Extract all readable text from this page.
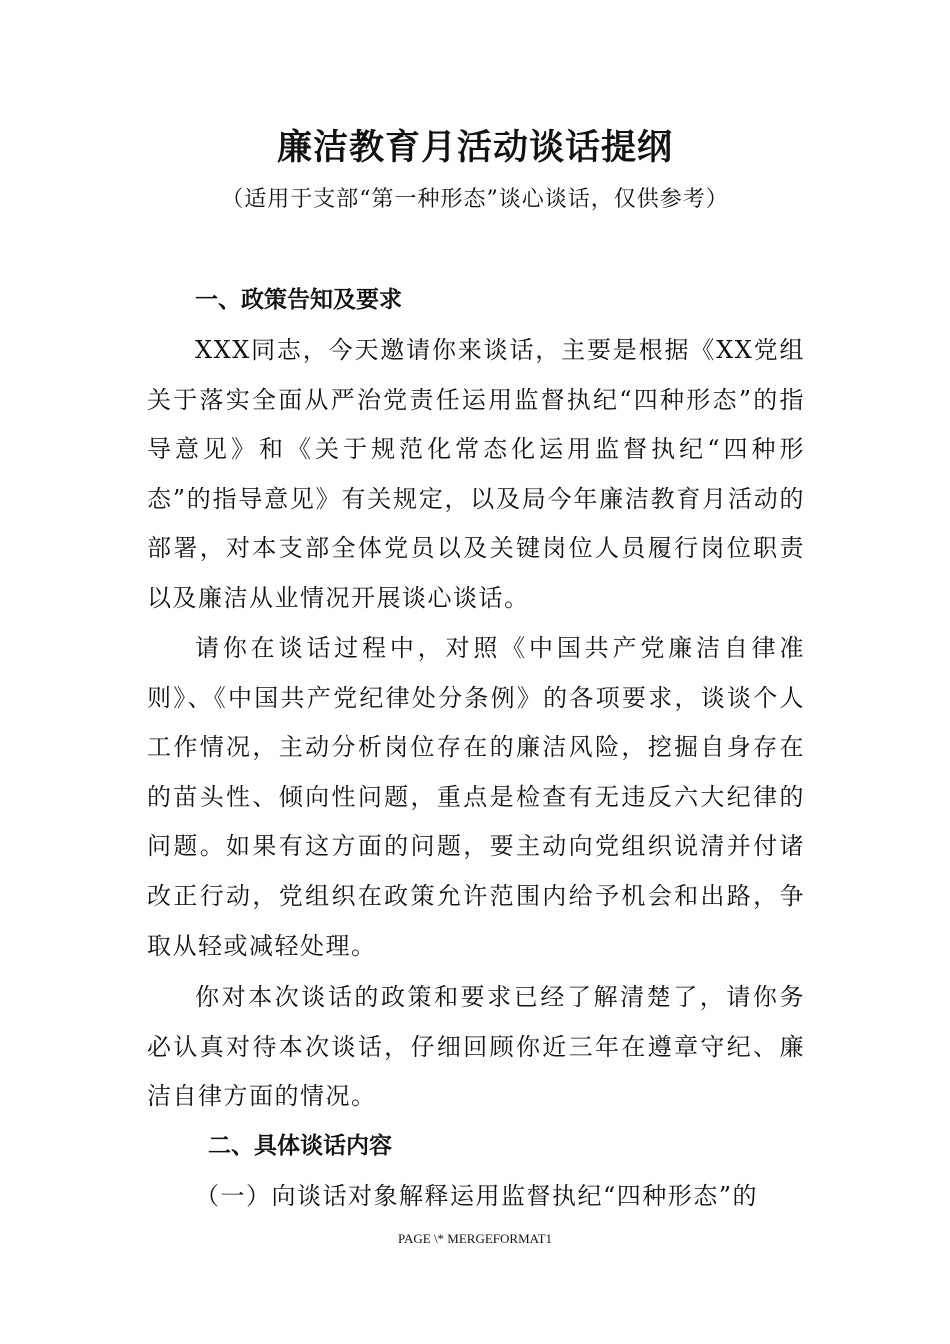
廉洁教育月活动谈话提纲
（适用于支部“第一种形态”谈心谈话，仅供参考）
一、政策告知及要求

XXX同志，今天邀请你来谈话，主要是根据《XX党组关于落实全面从严治党责任运用监督执纪“四种形态”的指导意见》和《关于规范化常态化运用监督执纪“四种形态”的指导意见》有关规定，以及局今年廉洁教育月活动的部署，对本支部全体党员以及关键岗位人员履行岗位职责以及廉洁从业情况开展谈心谈话。

请你在谈话过程中，对照《中国共产党廉洁自律准则》、《中国共产党纪律处分条例》的各项要求，谈谈个人工作情况，主动分析岗位存在的廉洁风险，挖掘自身存在的苗头性、倾向性问题，重点是检查有无违反六大纪律的问题。如果有这方面的问题，要主动向党组织说清并付诸改正行动，党组织在政策允许范围内给予机会和出路，争取从轻或减轻处理。

你对本次谈话的政策和要求已经了解清楚了，请你务必认真对待本次谈话，仔细回顾你近三年在遵章守纪、廉洁自律方面的情况。

二、具体谈话内容

（一）向谈话对象解释运用监督执纪“四种形态”的

PAGE \* MERGEFORMAT1
